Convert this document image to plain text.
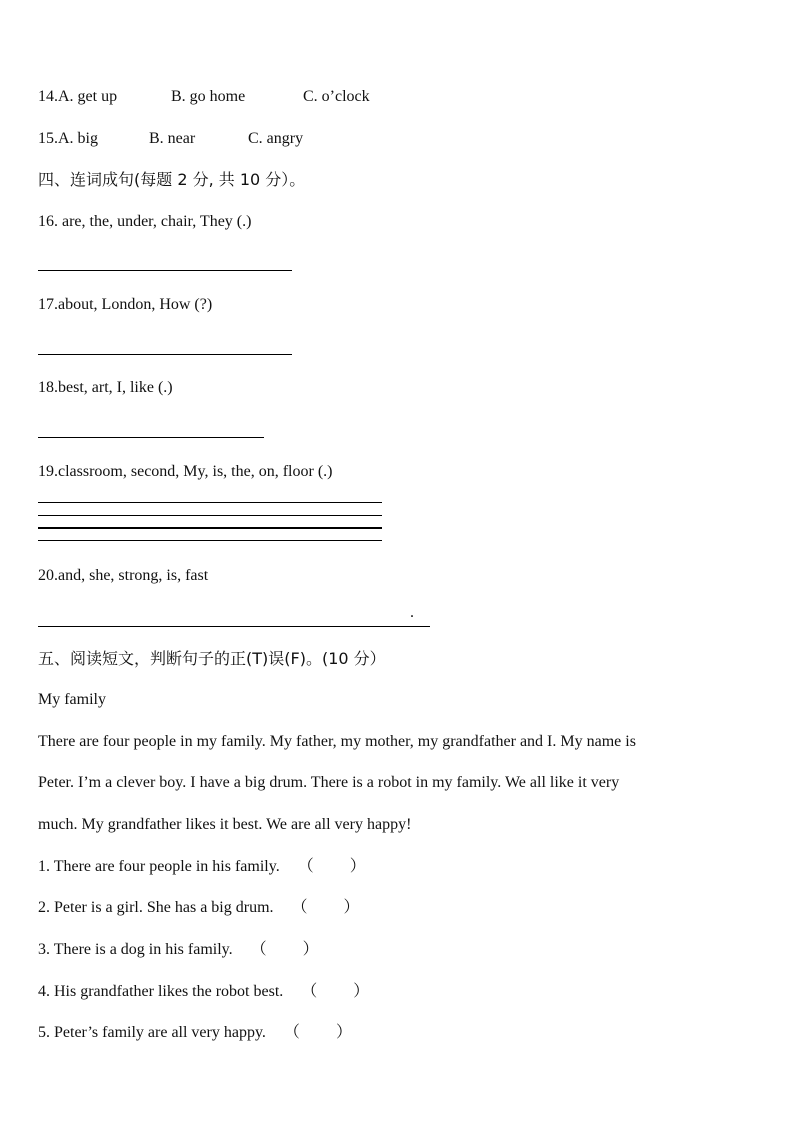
14.A. get up	B. go home	C. o’clock
15.A. big	B. near	C. angry
四、连词成句(每题 2 分, 共 10 分）。
16. are, the, under, chair, They (.)
17.about, London, How (?)
18.best, art, I, like (.)
19.classroom, second, My, is, the, on, floor (.)
20.and, she, strong, is, fast
.
五、阅读短文，判断句子的正(T)误(F)。(10 分）
My family
There are four people in my family. My father, my mother, my grandfather and I. My name is
Peter. I’m a clever boy. I have a big drum. There is a robot in my family. We all like it very
much. My grandfather likes it best. We are all very happy!
1. There are four people in his family. （ ）
2. Peter is a girl. She has a big drum. （ ）
3. There is a dog in his family. （ ）
4. His grandfather likes the robot best. （ ）
5. Peter’s family are all very happy. （ ）
